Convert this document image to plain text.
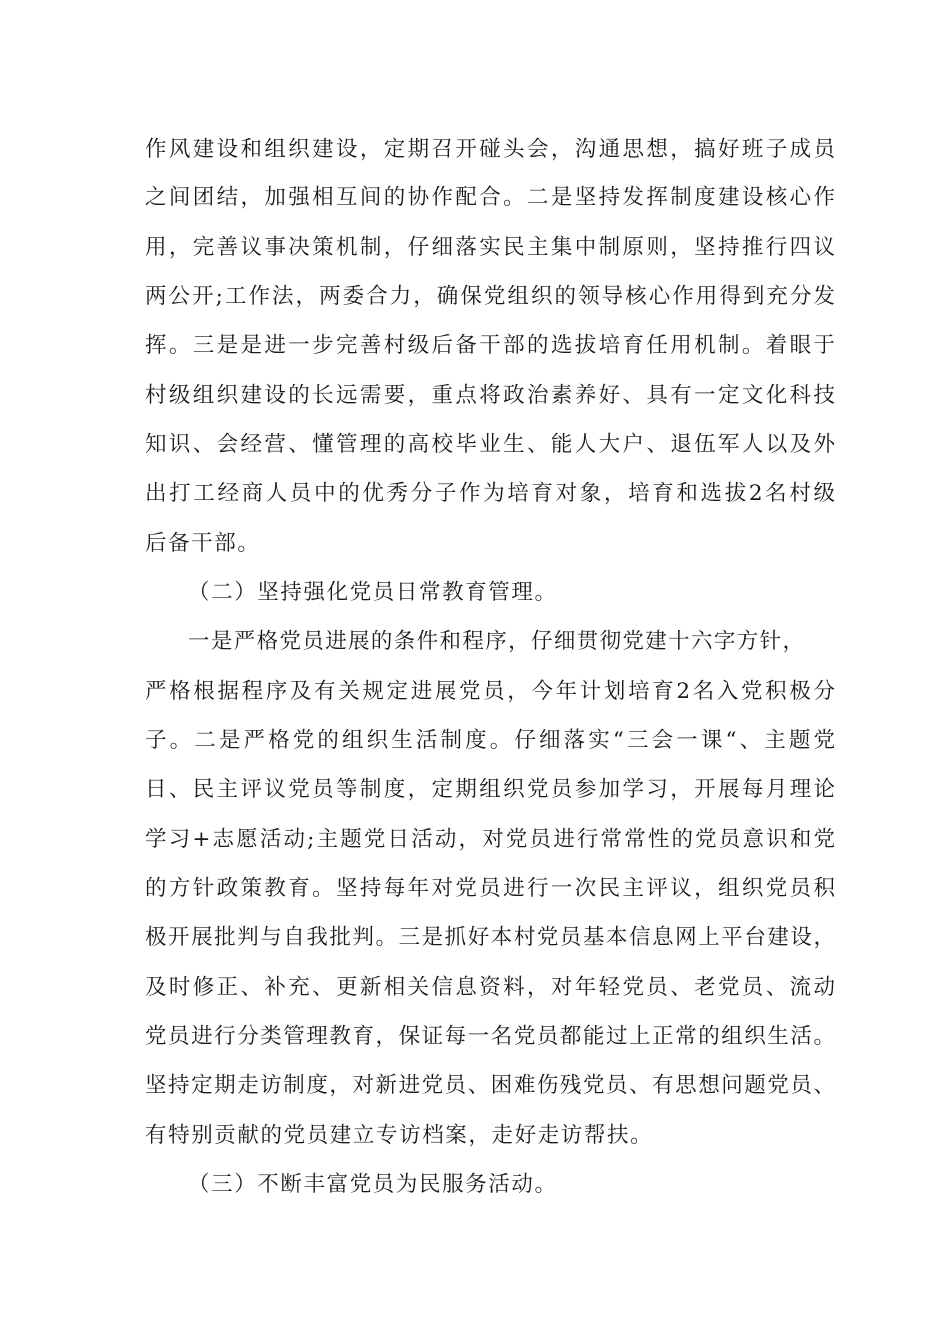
作风建设和组织建设，定期召开碰头会，沟通思想，搞好班子成员
之间团结，加强相互间的协作配合。二是坚持发挥制度建设核心作
用，完善议事决策机制，仔细落实民主集中制原则，坚持推行四议
两公开;工作法，两委合力，确保党组织的领导核心作用得到充分发
挥。三是是进一步完善村级后备干部的选拔培育任用机制。着眼于
村级组织建设的长远需要，重点将政治素养好、具有一定文化科技
知识、会经营、懂管理的高校毕业生、能人大户、退伍军人以及外
出打工经商人员中的优秀分子作为培育对象，培育和选拔2名村级
后备干部。
（二）坚持强化党员日常教育管理。
一是严格党员进展的条件和程序，仔细贯彻党建十六字方针，
严格根据程序及有关规定进展党员，今年计划培育2名入党积极分
子。二是严格党的组织生活制度。仔细落实“三会一课“、主题党
日、民主评议党员等制度，定期组织党员参加学习，开展每月理论
学习+志愿活动;主题党日活动，对党员进行常常性的党员意识和党
的方针政策教育。坚持每年对党员进行一次民主评议，组织党员积
极开展批判与自我批判。三是抓好本村党员基本信息网上平台建设，
及时修正、补充、更新相关信息资料，对年轻党员、老党员、流动
党员进行分类管理教育，保证每一名党员都能过上正常的组织生活。
坚持定期走访制度，对新进党员、困难伤残党员、有思想问题党员、
有特别贡献的党员建立专访档案，走好走访帮扶。
（三）不断丰富党员为民服务活动。
